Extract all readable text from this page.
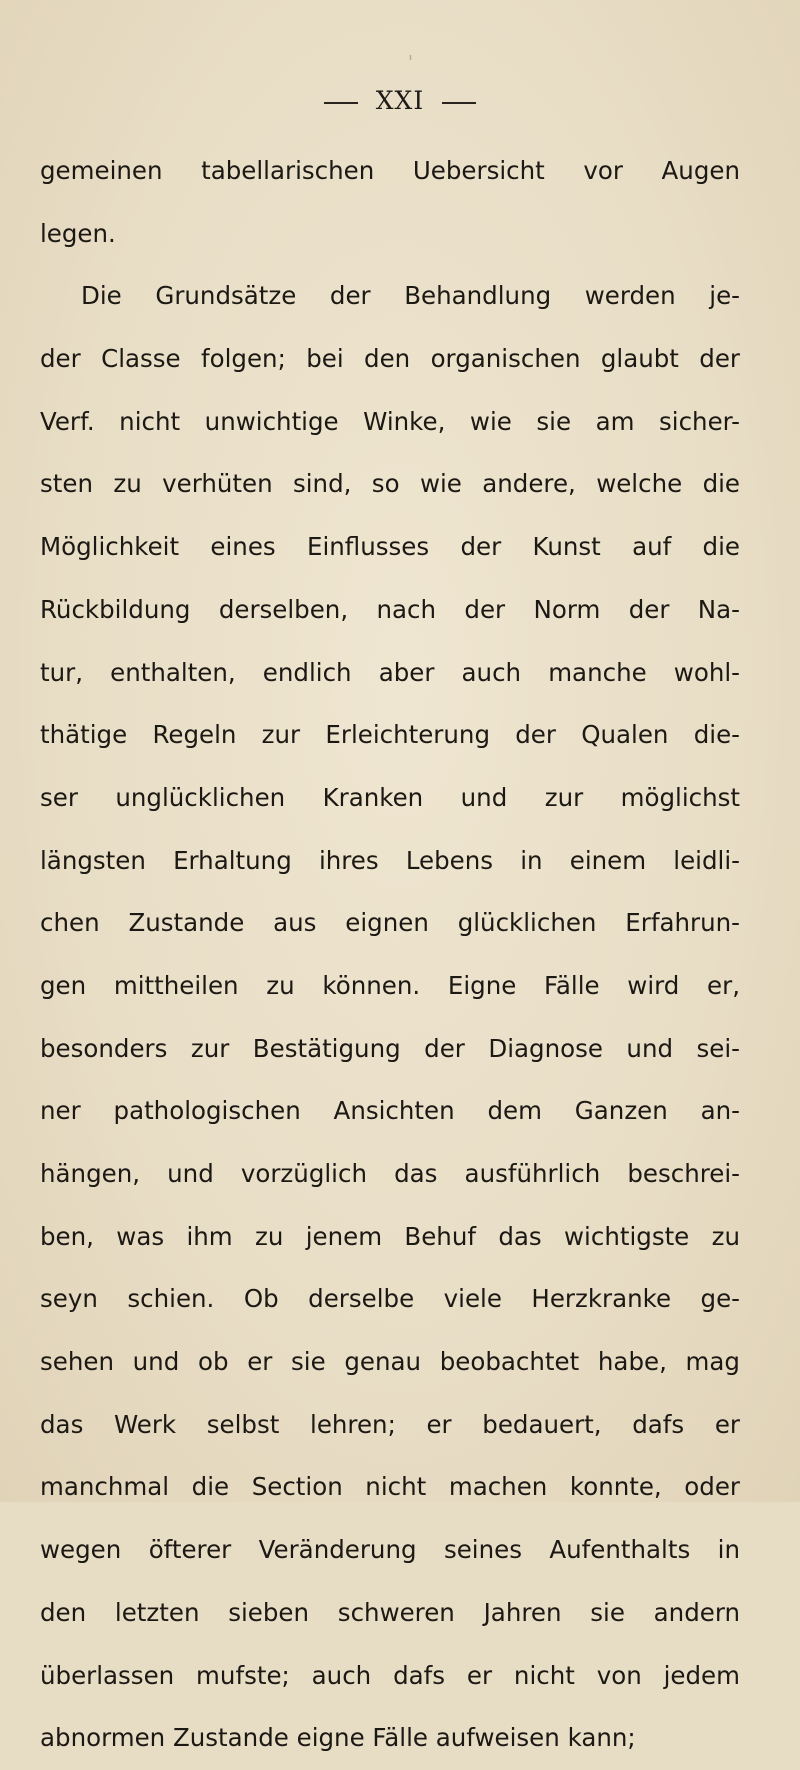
XXI
'
gemeinen tabellarischen Uebersicht vor Augen
legen.
Die Grundsätze der Behandlung werden je-
der Classe folgen; bei den organischen glaubt der
Verf. nicht unwichtige Winke, wie sie am sicher-
sten zu verhüten sind, so wie andere, welche die
Möglichkeit eines Einflusses der Kunst auf die
Rückbildung derselben, nach der Norm der Na-
tur, enthalten, endlich aber auch manche wohl-
thätige Regeln zur Erleichterung der Qualen die-
ser unglücklichen Kranken und zur möglichst
längsten Erhaltung ihres Lebens in einem leidli-
chen Zustande aus eignen glücklichen Erfahrun-
gen mittheilen zu können. Eigne Fälle wird er,
besonders zur Bestätigung der Diagnose und sei-
ner pathologischen Ansichten dem Ganzen an-
hängen, und vorzüglich das ausführlich beschrei-
ben, was ihm zu jenem Behuf das wichtigste zu
seyn schien. Ob derselbe viele Herzkranke ge-
sehen und ob er sie genau beobachtet habe, mag
das Werk selbst lehren; er bedauert, dafs er
manchmal die Section nicht machen konnte, oder
wegen öfterer Veränderung seines Aufenthalts in
den letzten sieben schweren Jahren sie andern
überlassen mufste; auch dafs er nicht von jedem
abnormen Zustande eigne Fälle aufweisen kann;
